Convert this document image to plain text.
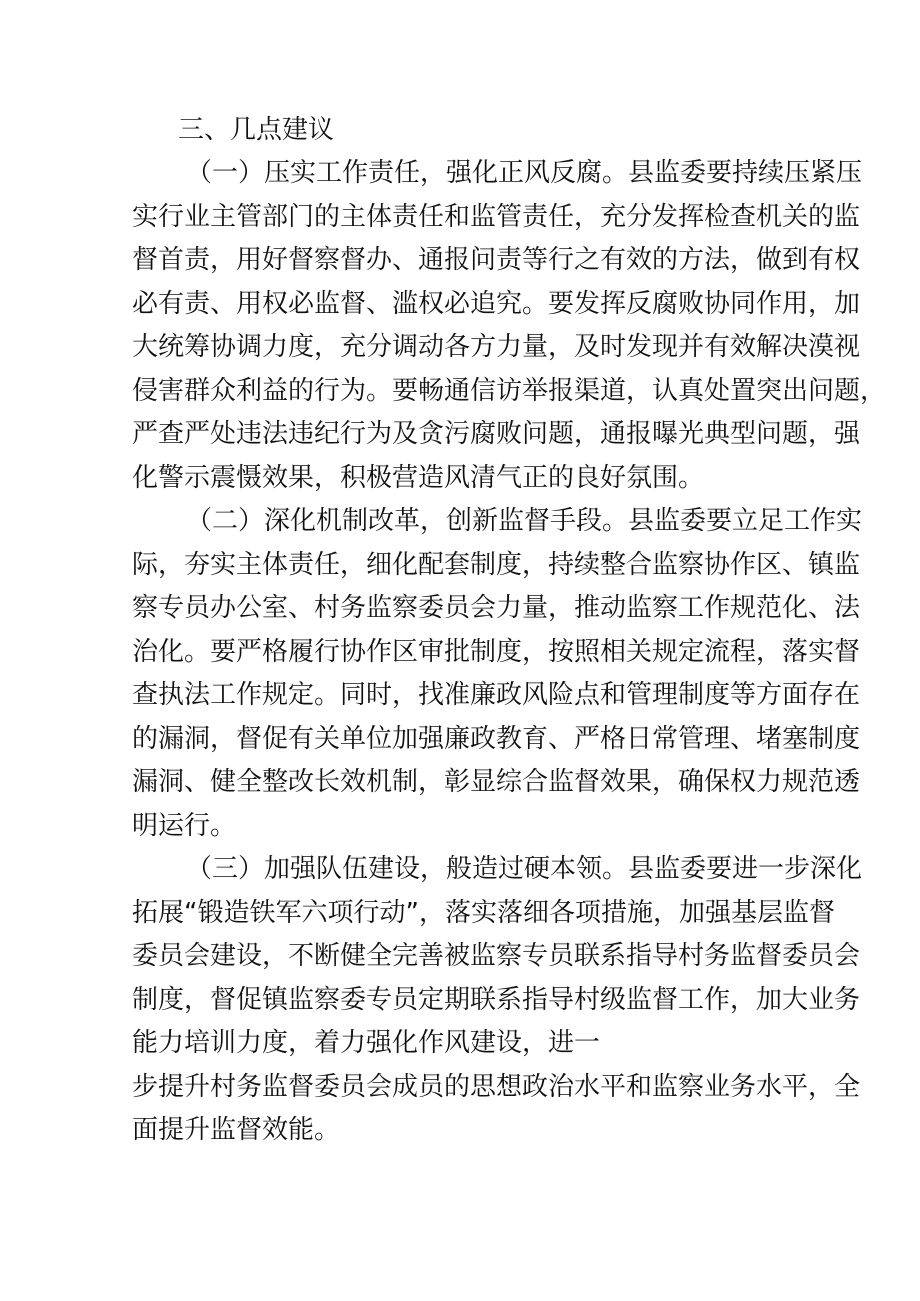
三、几点建议

（一）压实工作责任，强化正风反腐。县监委要持续压紧压

实行业主管部门的主体责任和监管责任，充分发挥检查机关的监

督首责，用好督察督办、通报问责等行之有效的方法，做到有权

必有责、用权必监督、滥权必追究。要发挥反腐败协同作用，加

大统筹协调力度，充分调动各方力量，及时发现并有效解决漠视

侵害群众利益的行为。要畅通信访举报渠道，认真处置突出问题，

严查严处违法违纪行为及贪污腐败问题，通报曝光典型问题，强

化警示震慑效果，积极营造风清气正的良好氛围。

（二）深化机制改革，创新监督手段。县监委要立足工作实

际，夯实主体责任，细化配套制度，持续整合监察协作区、镇监

察专员办公室、村务监察委员会力量，推动监察工作规范化、法

治化。要严格履行协作区审批制度，按照相关规定流程，落实督

查执法工作规定。同时，找准廉政风险点和管理制度等方面存在

的漏洞，督促有关单位加强廉政教育、严格日常管理、堵塞制度

漏洞、健全整改长效机制，彰显综合监督效果，确保权力规范透

明运行。

（三）加强队伍建设，般造过硬本领。县监委要进一步深化

拓展“锻造铁军六项行动”，落实落细各项措施，加强基层监督

委员会建设，不断健全完善被监察专员联系指导村务监督委员会

制度，督促镇监察委专员定期联系指导村级监督工作，加大业务

能力培训力度，着力强化作风建设，进一

步提升村务监督委员会成员的思想政治水平和监察业务水平，全

面提升监督效能。
